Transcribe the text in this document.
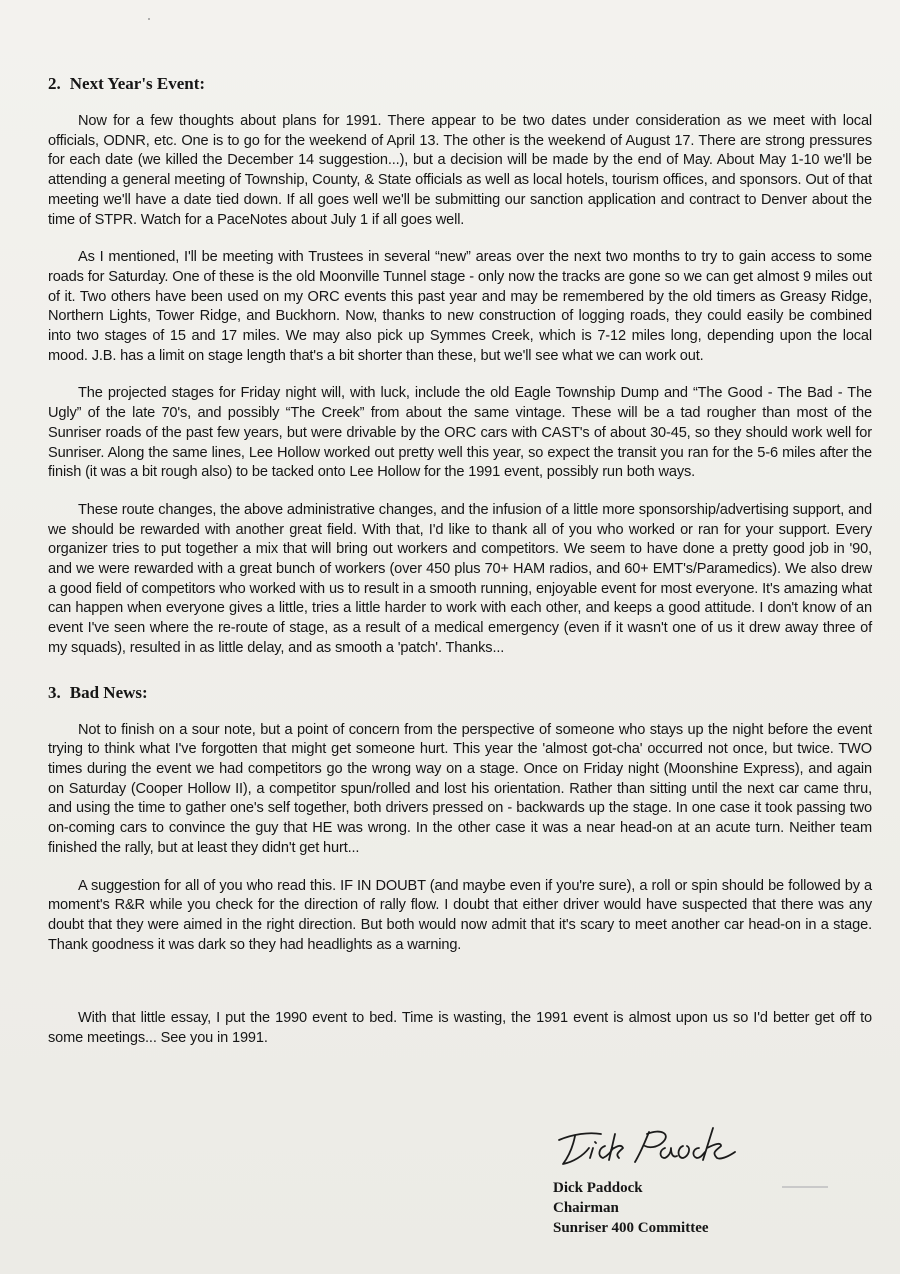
2. Next Year's Event:

Now for a few thoughts about plans for 1991. There appear to be two dates under consideration as we meet with local officials, ODNR, etc. One is to go for the weekend of April 13. The other is the weekend of August 17. There are strong pressures for each date (we killed the December 14 suggestion...), but a decision will be made by the end of May. About May 1-10 we'll be attending a general meeting of Township, County, & State officials as well as local hotels, tourism offices, and sponsors. Out of that meeting we'll have a date tied down. If all goes well we'll be submitting our sanction application and contract to Denver about the time of STPR. Watch for a PaceNotes about July 1 if all goes well.

As I mentioned, I'll be meeting with Trustees in several “new” areas over the next two months to try to gain access to some roads for Saturday. One of these is the old Moonville Tunnel stage - only now the tracks are gone so we can get almost 9 miles out of it. Two others have been used on my ORC events this past year and may be remembered by the old timers as Greasy Ridge, Northern Lights, Tower Ridge, and Buckhorn. Now, thanks to new construction of logging roads, they could easily be combined into two stages of 15 and 17 miles. We may also pick up Symmes Creek, which is 7-12 miles long, depending upon the local mood. J.B. has a limit on stage length that's a bit shorter than these, but we'll see what we can work out.

The projected stages for Friday night will, with luck, include the old Eagle Township Dump and “The Good - The Bad - The Ugly” of the late 70's, and possibly “The Creek” from about the same vintage. These will be a tad rougher than most of the Sunriser roads of the past few years, but were drivable by the ORC cars with CAST's of about 30-45, so they should work well for Sunriser. Along the same lines, Lee Hollow worked out pretty well this year, so expect the transit you ran for the 5-6 miles after the finish (it was a bit rough also) to be tacked onto Lee Hollow for the 1991 event, possibly run both ways.

These route changes, the above administrative changes, and the infusion of a little more sponsorship/advertising support, and we should be rewarded with another great field. With that, I'd like to thank all of you who worked or ran for your support. Every organizer tries to put together a mix that will bring out workers and competitors. We seem to have done a pretty good job in '90, and we were rewarded with a great bunch of workers (over 450 plus 70+ HAM radios, and 60+ EMT's/Paramedics). We also drew a good field of competitors who worked with us to result in a smooth running, enjoyable event for most everyone. It's amazing what can happen when everyone gives a little, tries a little harder to work with each other, and keeps a good attitude. I don't know of an event I've seen where the re-route of stage, as a result of a medical emergency (even if it wasn't one of us it drew away three of my squads), resulted in as little delay, and as smooth a 'patch'. Thanks...

3. Bad News:

Not to finish on a sour note, but a point of concern from the perspective of someone who stays up the night before the event trying to think what I've forgotten that might get someone hurt. This year the 'almost got-cha' occurred not once, but twice. TWO times during the event we had competitors go the wrong way on a stage. Once on Friday night (Moonshine Express), and again on Saturday (Cooper Hollow II), a competitor spun/rolled and lost his orientation. Rather than sitting until the next car came thru, and using the time to gather one's self together, both drivers pressed on - backwards up the stage. In one case it took passing two on-coming cars to convince the guy that HE was wrong. In the other case it was a near head-on at an acute turn. Neither team finished the rally, but at least they didn't get hurt...

A suggestion for all of you who read this. IF IN DOUBT (and maybe even if you're sure), a roll or spin should be followed by a moment's R&R while you check for the direction of rally flow. I doubt that either driver would have suspected that there was any doubt that they were aimed in the right direction. But both would now admit that it's scary to meet another car head-on in a stage. Thank goodness it was dark so they had headlights as a warning.

With that little essay, I put the 1990 event to bed. Time is wasting, the 1991 event is almost upon us so I'd better get off to some meetings... See you in 1991.

Dick Paddock
Chairman
Sunriser 400 Committee
